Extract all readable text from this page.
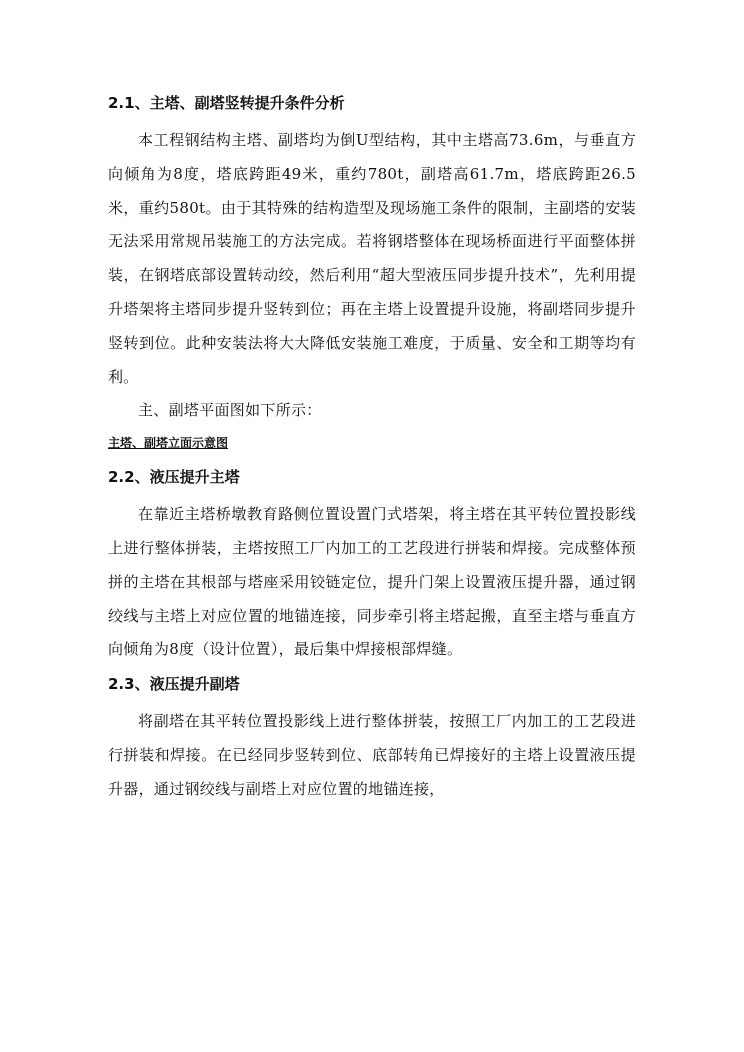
2.1、主塔、副塔竖转提升条件分析

本工程钢结构主塔、副塔均为倒U型结构，其中主塔高73.6m，与垂直方向倾角为8度，塔底跨距49米，重约780t，副塔高61.7m，塔底跨距26.5米，重约580t。由于其特殊的结构造型及现场施工条件的限制，主副塔的安装无法采用常规吊装施工的方法完成。若将钢塔整体在现场桥面进行平面整体拼装，在钢塔底部设置转动绞，然后利用“超大型液压同步提升技术”，先利用提升塔架将主塔同步提升竖转到位；再在主塔上设置提升设施，将副塔同步提升竖转到位。此种安装法将大大降低安装施工难度，于质量、安全和工期等均有利。

主、副塔平面图如下所示：

主塔、副塔立面示意图

2.2、液压提升主塔

在靠近主塔桥墩教育路侧位置设置门式塔架，将主塔在其平转位置投影线上进行整体拼装，主塔按照工厂内加工的工艺段进行拼装和焊接。完成整体预拼的主塔在其根部与塔座采用铰链定位，提升门架上设置液压提升器，通过钢绞线与主塔上对应位置的地锚连接，同步牵引将主塔起搬，直至主塔与垂直方向倾角为8度（设计位置），最后集中焊接根部焊缝。

2.3、液压提升副塔

将副塔在其平转位置投影线上进行整体拼装，按照工厂内加工的工艺段进行拼装和焊接。在已经同步竖转到位、底部转角已焊接好的主塔上设置液压提升器，通过钢绞线与副塔上对应位置的地锚连接，
